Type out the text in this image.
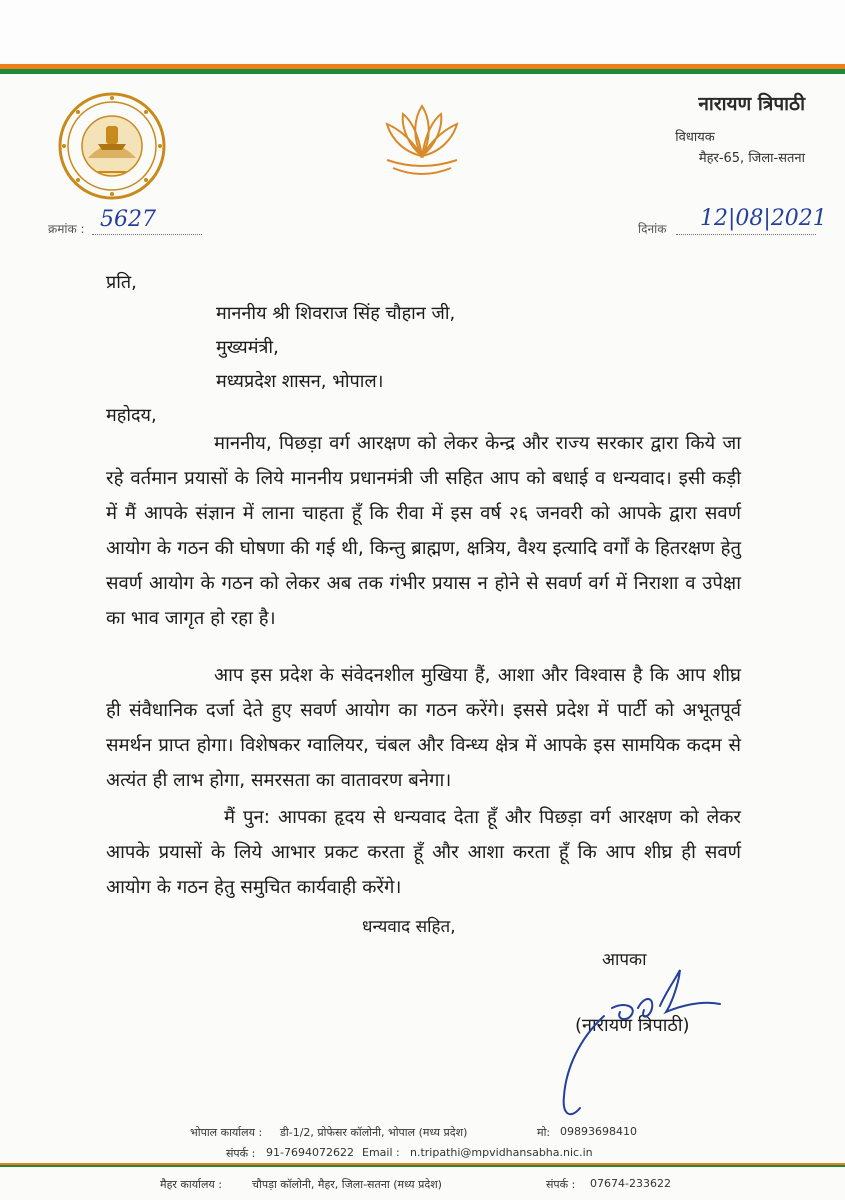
नारायण त्रिपाठी
विधायक
मैहर-65, जिला-सतना
क्रमांक : 5627	दिनांक 12|08|2021
प्रति,
माननीय श्री शिवराज सिंह चौहान जी,
मुख्यमंत्री,
मध्यप्रदेश शासन, भोपाल।
महोदय,
माननीय, पिछड़ा वर्ग आरक्षण को लेकर केन्द्र और राज्य सरकार द्वारा किये जा रहे वर्तमान प्रयासों के लिये माननीय प्रधानमंत्री जी सहित आप को बधाई व धन्यवाद। इसी कड़ी में मैं आपके संज्ञान में लाना चाहता हूँ कि रीवा में इस वर्ष २६ जनवरी को आपके द्वारा सवर्ण आयोग के गठन की घोषणा की गई थी, किन्तु ब्राह्मण, क्षत्रिय, वैश्य इत्यादि वर्गों के हितरक्षण हेतु सवर्ण आयोग के गठन को लेकर अब तक गंभीर प्रयास न होने से सवर्ण वर्ग में निराशा व उपेक्षा का भाव जागृत हो रहा है।
आप इस प्रदेश के संवेदनशील मुखिया हैं, आशा और विश्वास है कि आप शीघ्र ही संवैधानिक दर्जा देते हुए सवर्ण आयोग का गठन करेंगे। इससे प्रदेश में पार्टी को अभूतपूर्व समर्थन प्राप्त होगा। विशेषकर ग्वालियर, चंबल और विन्ध्य क्षेत्र में आपके इस सामयिक कदम से अत्यंत ही लाभ होगा, समरसता का वातावरण बनेगा।
मैं पुन: आपका हृदय से धन्यवाद देता हूँ और पिछड़ा वर्ग आरक्षण को लेकर आपके प्रयासों के लिये आभार प्रकट करता हूँ और आशा करता हूँ कि आप शीघ्र ही सवर्ण आयोग के गठन हेतु समुचित कार्यवाही करेंगे।
धन्यवाद सहित,
आपका
(नारायण त्रिपाठी)
भोपाल कार्यालय : डी-1/2, प्रोफेसर कॉलोनी, भोपाल (मध्य प्रदेश)	मो: 09893698410
संपर्क : 91-7694072622 Email : n.tripathi@mpvidhansabha.nic.in
मैहर कार्यालय :	चौपड़ा कॉलोनी, मैहर, जिला-सतना (मध्य प्रदेश)	संपर्क : 07674-233622
